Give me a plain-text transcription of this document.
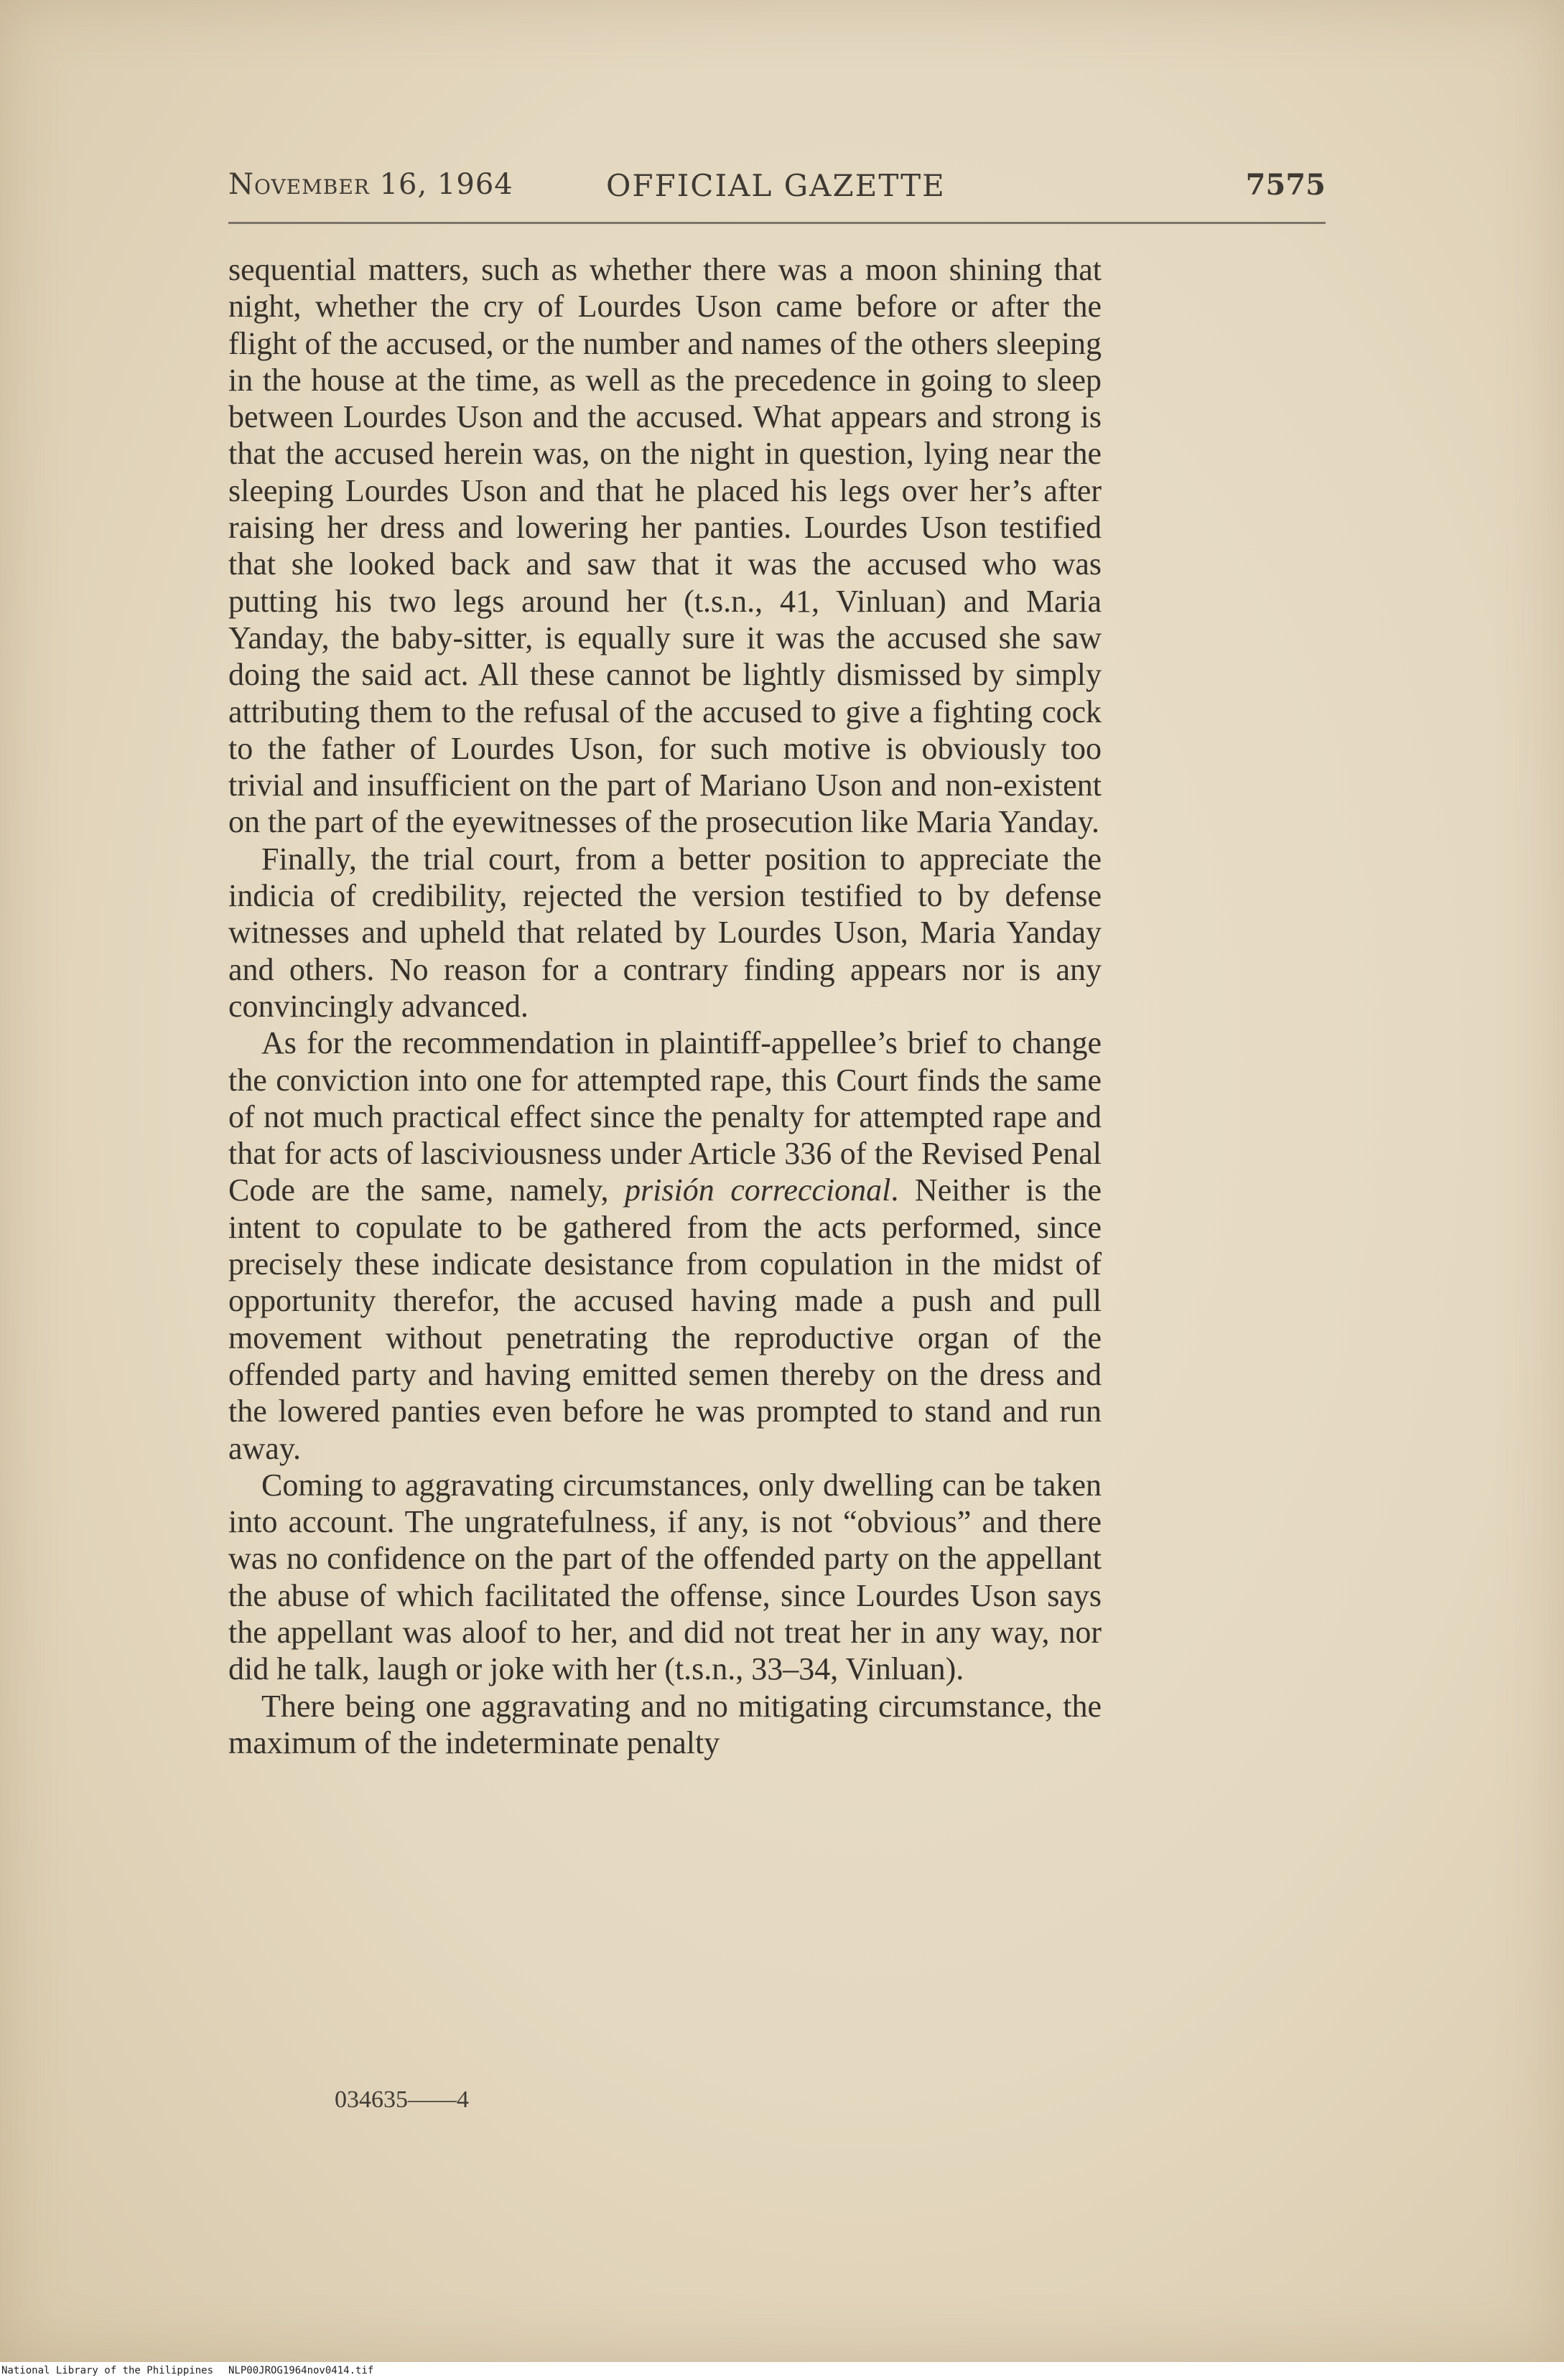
November 16, 1964	OFFICIAL GAZETTE	7575

sequential matters, such as whether there was a moon shining that night, whether the cry of Lourdes Uson came before or after the flight of the accused, or the number and names of the others sleeping in the house at the time, as well as the precedence in going to sleep between Lourdes Uson and the accused. What appears and strong is that the accused herein was, on the night in question, lying near the sleeping Lourdes Uson and that he placed his legs over her’s after raising her dress and lowering her panties. Lourdes Uson testified that she looked back and saw that it was the accused who was putting his two legs around her (t.s.n., 41, Vinluan) and Maria Yanday, the baby-sitter, is equally sure it was the accused she saw doing the said act. All these cannot be lightly dismissed by simply attributing them to the refusal of the accused to give a fighting cock to the father of Lourdes Uson, for such motive is obviously too trivial and insufficient on the part of Mariano Uson and non-existent on the part of the eyewitnesses of the prosecution like Maria Yanday.

Finally, the trial court, from a better position to appreciate the indicia of credibility, rejected the version testified to by defense witnesses and upheld that related by Lourdes Uson, Maria Yanday and others. No reason for a contrary finding appears nor is any convincingly advanced.

As for the recommendation in plaintiff-appellee’s brief to change the conviction into one for attempted rape, this Court finds the same of not much practical effect since the penalty for attempted rape and that for acts of lasciviousness under Article 336 of the Revised Penal Code are the same, namely, prisión correccional. Neither is the intent to copulate to be gathered from the acts performed, since precisely these indicate desistance from copulation in the midst of opportunity therefor, the accused having made a push and pull movement without penetrating the reproductive organ of the offended party and having emitted semen thereby on the dress and the lowered panties even before he was prompted to stand and run away.

Coming to aggravating circumstances, only dwelling can be taken into account. The ungratefulness, if any, is not “obvious” and there was no confidence on the part of the offended party on the appellant the abuse of which facilitated the offense, since Lourdes Uson says the appellant was aloof to her, and did not treat her in any way, nor did he talk, laugh or joke with her (t.s.n., 33–34, Vinluan).

There being one aggravating and no mitigating circumstance, the maximum of the indeterminate penalty

034635——4
National Library of the Philippines NLP00JROG1964nov0414.tif
